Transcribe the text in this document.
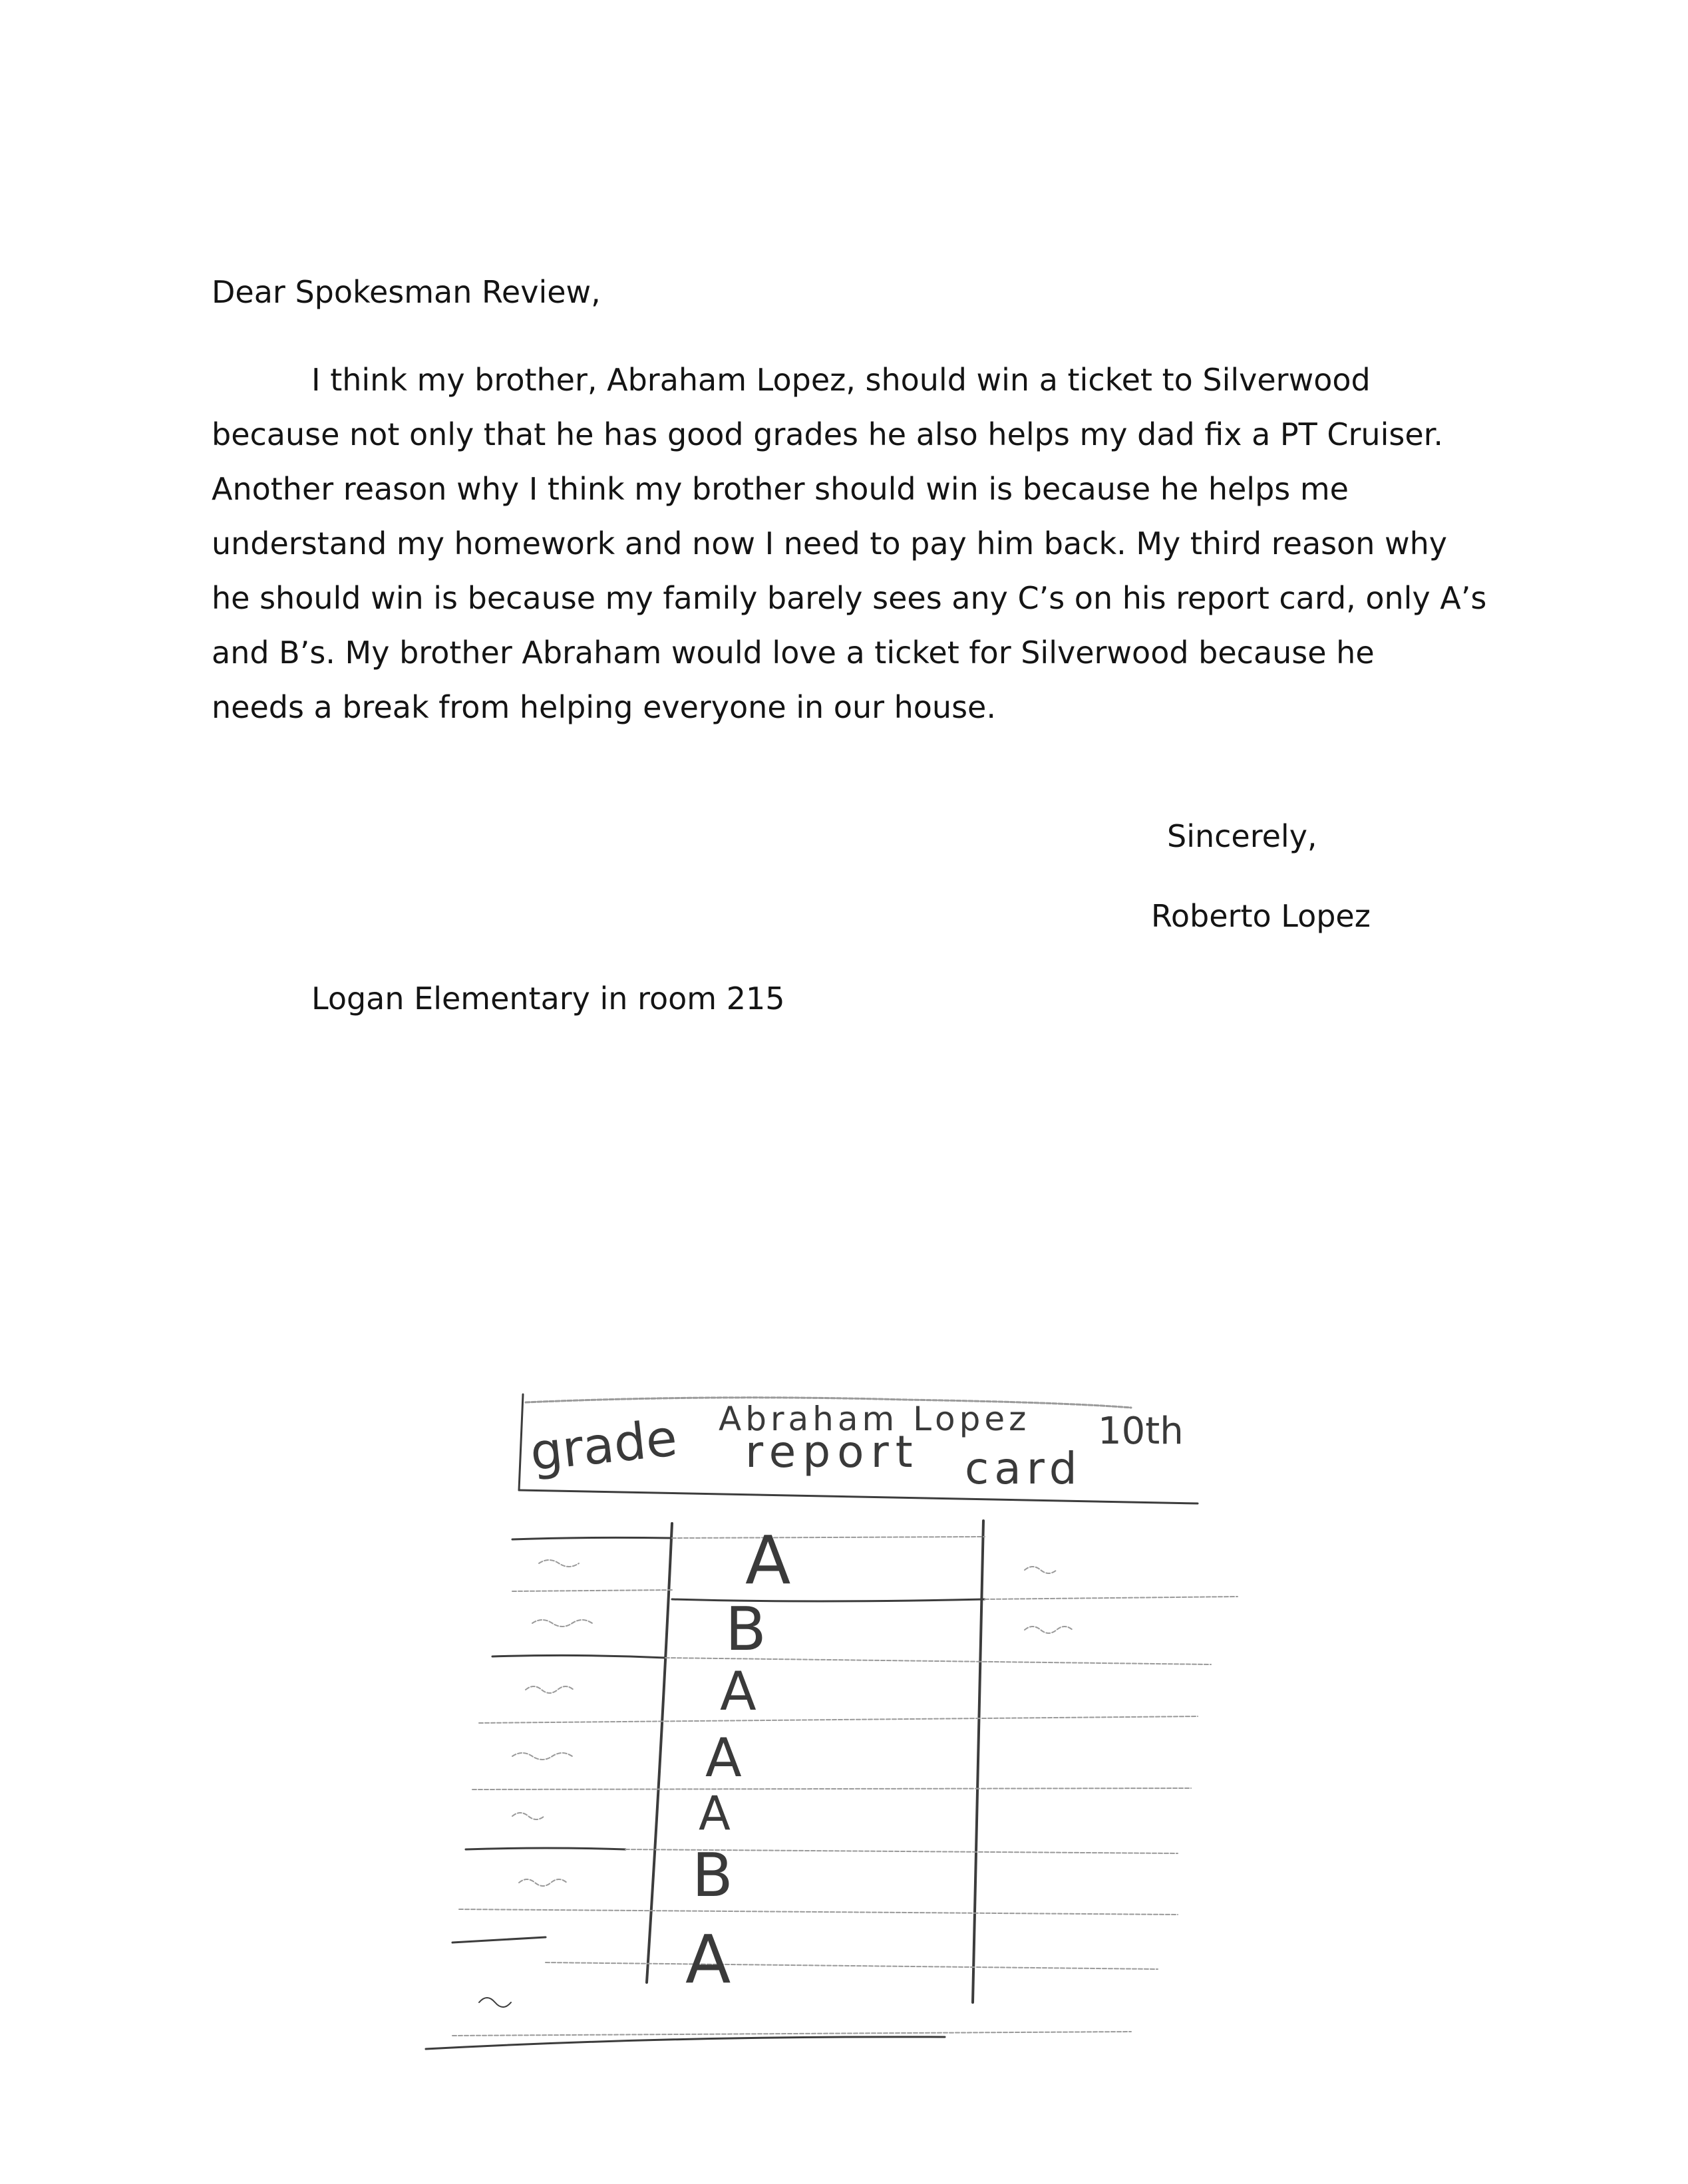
Dear Spokesman Review,
I think my brother, Abraham Lopez, should win a ticket to Silverwood
because not only that he has good grades he also helps my dad fix a PT Cruiser.
Another reason why I think my brother should win is because he helps me
understand my homework and now I need to pay him back. My third reason why
he should win is because my family barely sees any C’s on his report card, only A’s
and B’s. My brother Abraham would love a ticket for Silverwood because he
needs a break from helping everyone in our house.
Sincerely,
Roberto Lopez
Logan Elementary in room 215
grade Abraham Lopez
report card
10th
A
B
A
A
A
B
A
